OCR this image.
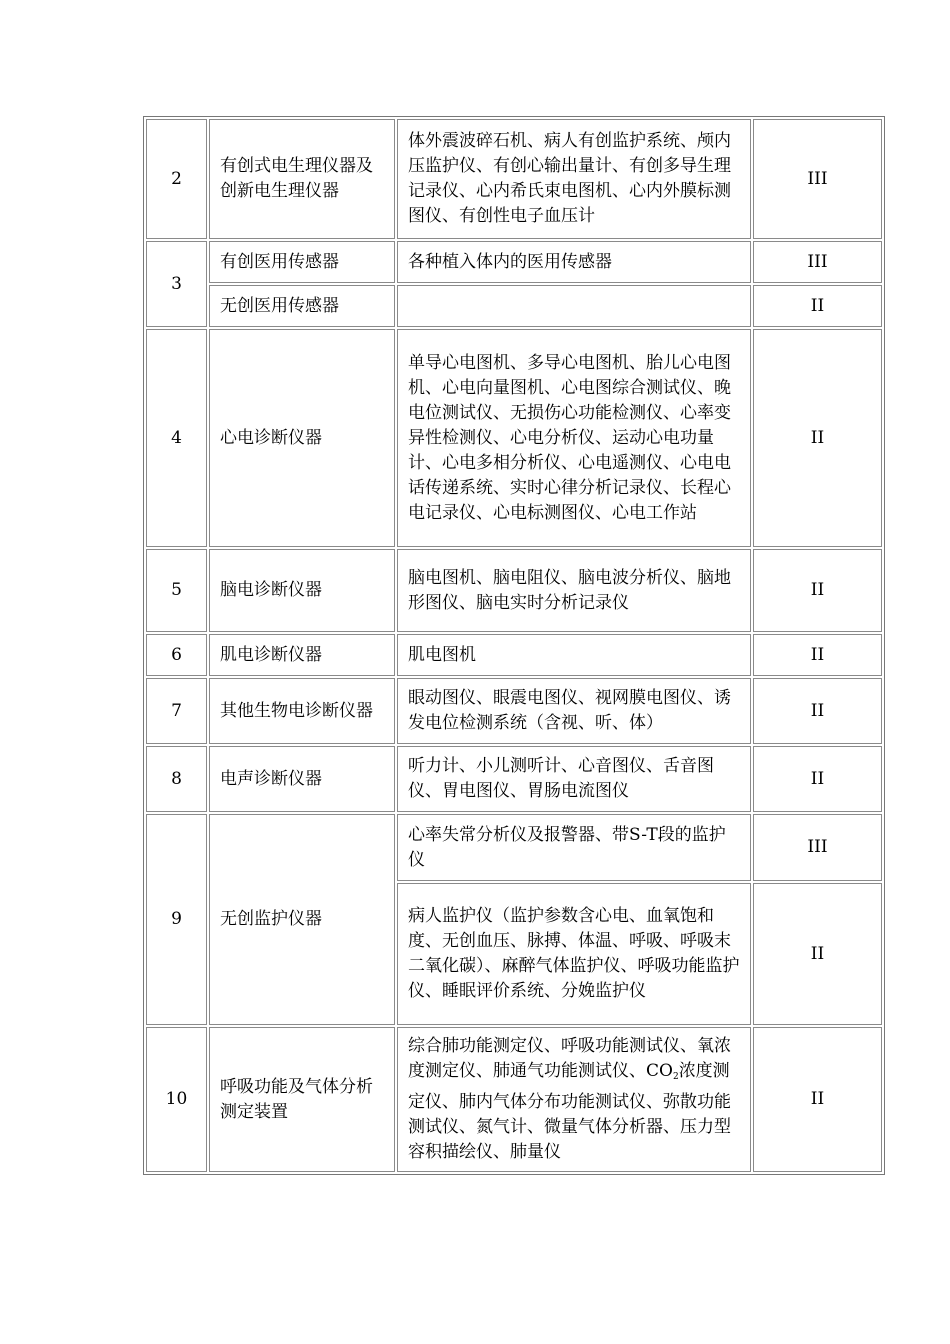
2	有创式电生理仪器及创新电生理仪器	体外震波碎石机、病人有创监护系统、颅内压监护仪、有创心输出量计、有创多导生理记录仪、心内希氏束电图机、心内外膜标测图仪、有创性电子血压计	III
3	有创医用传感器	各种植入体内的医用传感器	III
	无创医用传感器		II
4	心电诊断仪器	单导心电图机、多导心电图机、胎儿心电图机、心电向量图机、心电图综合测试仪、晚电位测试仪、无损伤心功能检测仪、心率变异性检测仪、心电分析仪、运动心电功量计、心电多相分析仪、心电遥测仪、心电电话传递系统、实时心律分析记录仪、长程心电记录仪、心电标测图仪、心电工作站	II
5	脑电诊断仪器	脑电图机、脑电阻仪、脑电波分析仪、脑地形图仪、脑电实时分析记录仪	II
6	肌电诊断仪器	肌电图机	II
7	其他生物电诊断仪器	眼动图仪、眼震电图仪、视网膜电图仪、诱发电位检测系统（含视、听、体）	II
8	电声诊断仪器	听力计、小儿测听计、心音图仪、舌音图仪、胃电图仪、胃肠电流图仪	II
9	无创监护仪器	心率失常分析仪及报警器、带S-T段的监护仪	III
		病人监护仪（监护参数含心电、血氧饱和度、无创血压、脉搏、体温、呼吸、呼吸末二氧化碳）、麻醉气体监护仪、呼吸功能监护仪、睡眠评价系统、分娩监护仪	II
10	呼吸功能及气体分析测定装置	综合肺功能测定仪、呼吸功能测试仪、氧浓度测定仪、肺通气功能测试仪、$CO_2$浓度测定仪、肺内气体分布功能测试仪、弥散功能测试仪、氮气计、微量气体分析器、压力型容积描绘仪、肺量仪	II
